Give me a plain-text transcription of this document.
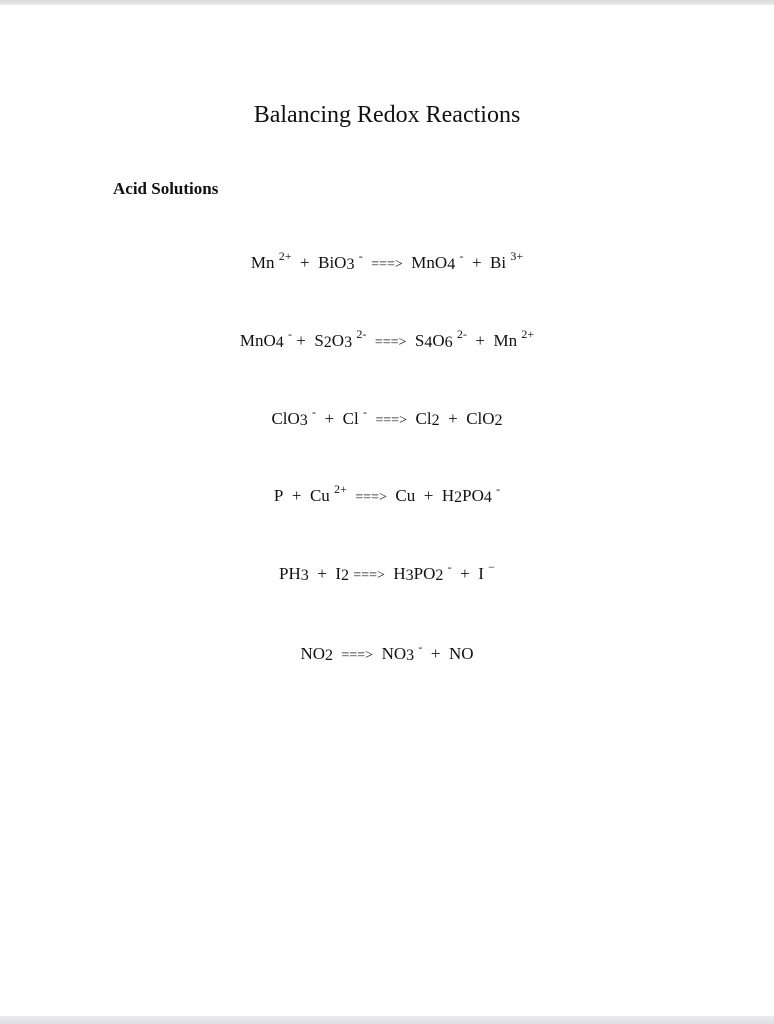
Balancing Redox Reactions
Acid Solutions
Mn $^{2+}$ + BiO$_3$ -  ===> MnO$_4$ - + Bi $^{3+}$
MnO$_4$ $^- + S_2O_3$ $^{2-}$  ===> $S_4O_6$ $^{2-}$ + Mn $^{2+}$
ClO$_3$ - + Cl -  ===> $Cl_2 + ClO_2$
P + Cu $^{2+}$  ===> $Cu + H_2PO_4$ -
$PH_3 + I_2$ ===> $H_3PO_2$ - + I −
$NO_2$ ===> $NO_3$ - + NO
